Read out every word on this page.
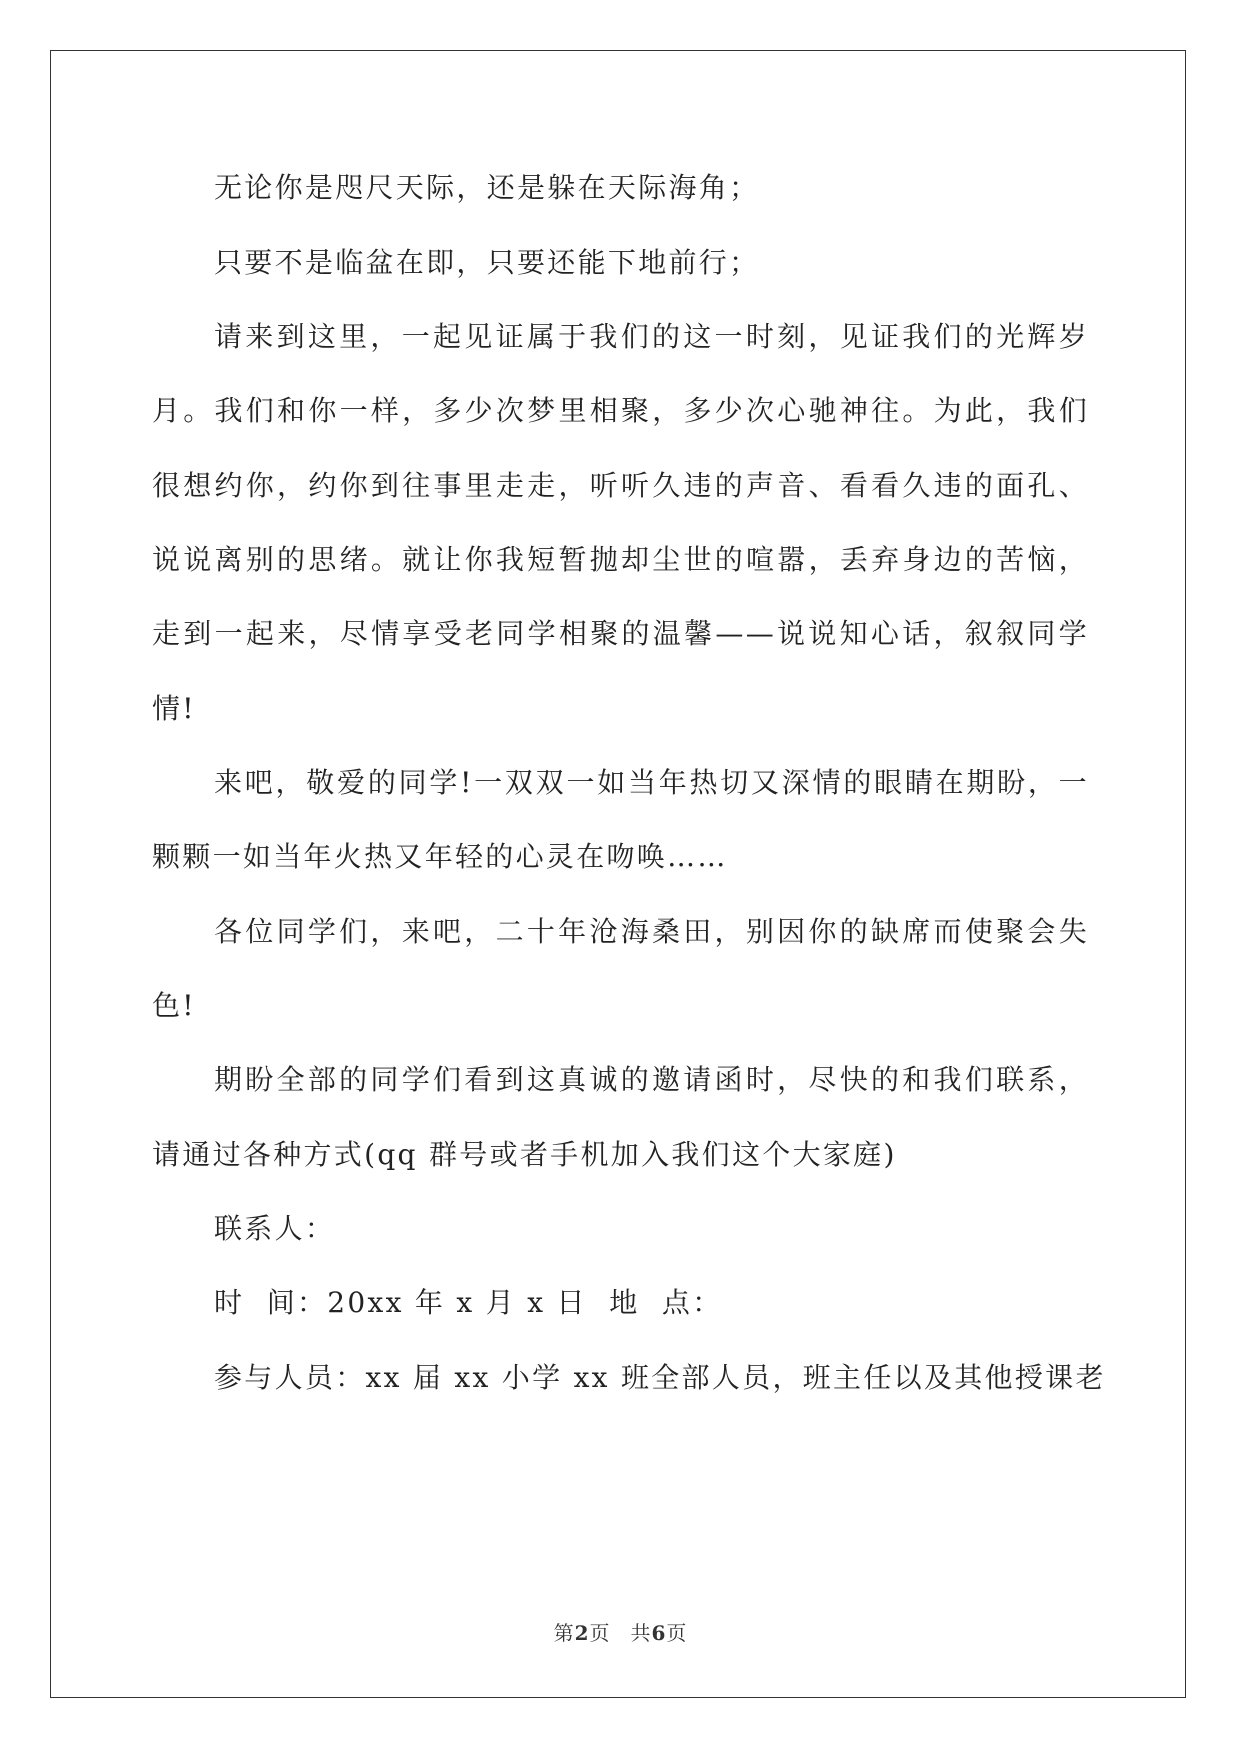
无论你是咫尺天际，还是躲在天际海角；
只要不是临盆在即，只要还能下地前行；
请来到这里，一起见证属于我们的这一时刻，见证我们的光辉岁
月。我们和你一样，多少次梦里相聚，多少次心驰神往。为此，我们
很想约你，约你到往事里走走，听听久违的声音、看看久违的面孔、
说说离别的思绪。就让你我短暂抛却尘世的喧嚣，丢弃身边的苦恼，
走到一起来，尽情享受老同学相聚的温馨——说说知心话，叙叙同学
情!
来吧，敬爱的同学!一双双一如当年热切又深情的眼睛在期盼，一
颗颗一如当年火热又年轻的心灵在吻唤……
各位同学们，来吧，二十年沧海桑田，别因你的缺席而使聚会失
色!
期盼全部的同学们看到这真诚的邀请函时，尽快的和我们联系，
请通过各种方式(qq 群号或者手机加入我们这个大家庭)
联系人：
时  间：20xx 年 x 月 x 日  地  点：
参与人员：xx 届 xx 小学 xx 班全部人员，班主任以及其他授课老
第2页 共6页
